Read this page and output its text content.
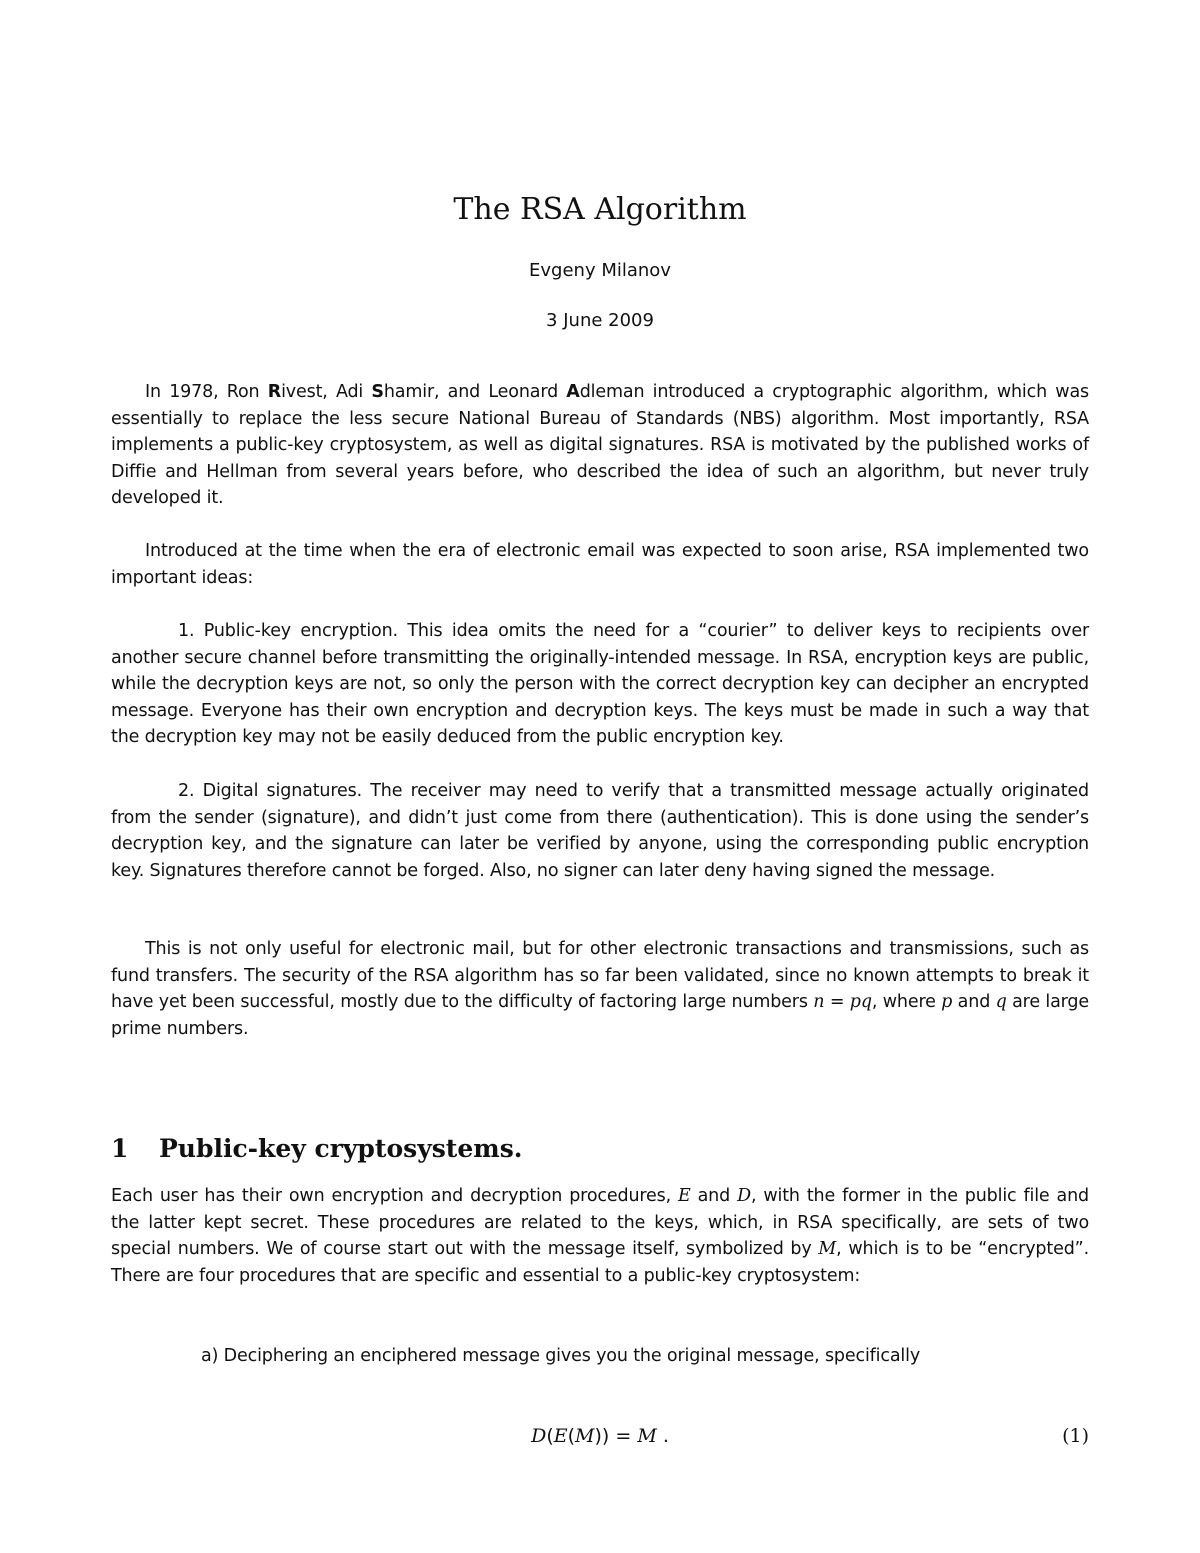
The RSA Algorithm
Evgeny Milanov
3 June 2009

In 1978, Ron Rivest, Adi Shamir, and Leonard Adleman introduced a cryptographic algorithm, which was essentially to replace the less secure National Bureau of Standards (NBS) algorithm. Most importantly, RSA implements a public-key cryptosystem, as well as digital signatures. RSA is motivated by the published works of Diffie and Hellman from several years before, who described the idea of such an algorithm, but never truly developed it.

Introduced at the time when the era of electronic email was expected to soon arise, RSA implemented two important ideas:

1. Public-key encryption. This idea omits the need for a “courier” to deliver keys to recipients over another secure channel before transmitting the originally-intended message. In RSA, encryption keys are public, while the decryption keys are not, so only the person with the correct decryption key can decipher an encrypted message. Everyone has their own encryption and decryption keys. The keys must be made in such a way that the decryption key may not be easily deduced from the public encryption key.

2. Digital signatures. The receiver may need to verify that a transmitted message actually originated from the sender (signature), and didn’t just come from there (authentication). This is done using the sender’s decryption key, and the signature can later be verified by anyone, using the corresponding public encryption key. Signatures therefore cannot be forged. Also, no signer can later deny having signed the message.

This is not only useful for electronic mail, but for other electronic transactions and transmissions, such as fund transfers. The security of the RSA algorithm has so far been validated, since no known attempts to break it have yet been successful, mostly due to the difficulty of factoring large numbers n = pq, where p and q are large prime numbers.

1 Public-key cryptosystems.

Each user has their own encryption and decryption procedures, E and D, with the former in the public file and the latter kept secret. These procedures are related to the keys, which, in RSA specifically, are sets of two special numbers. We of course start out with the message itself, symbolized by M, which is to be “encrypted”. There are four procedures that are specific and essential to a public-key cryptosystem:

a) Deciphering an enciphered message gives you the original message, specifically

D(E(M)) = M .	(1)
